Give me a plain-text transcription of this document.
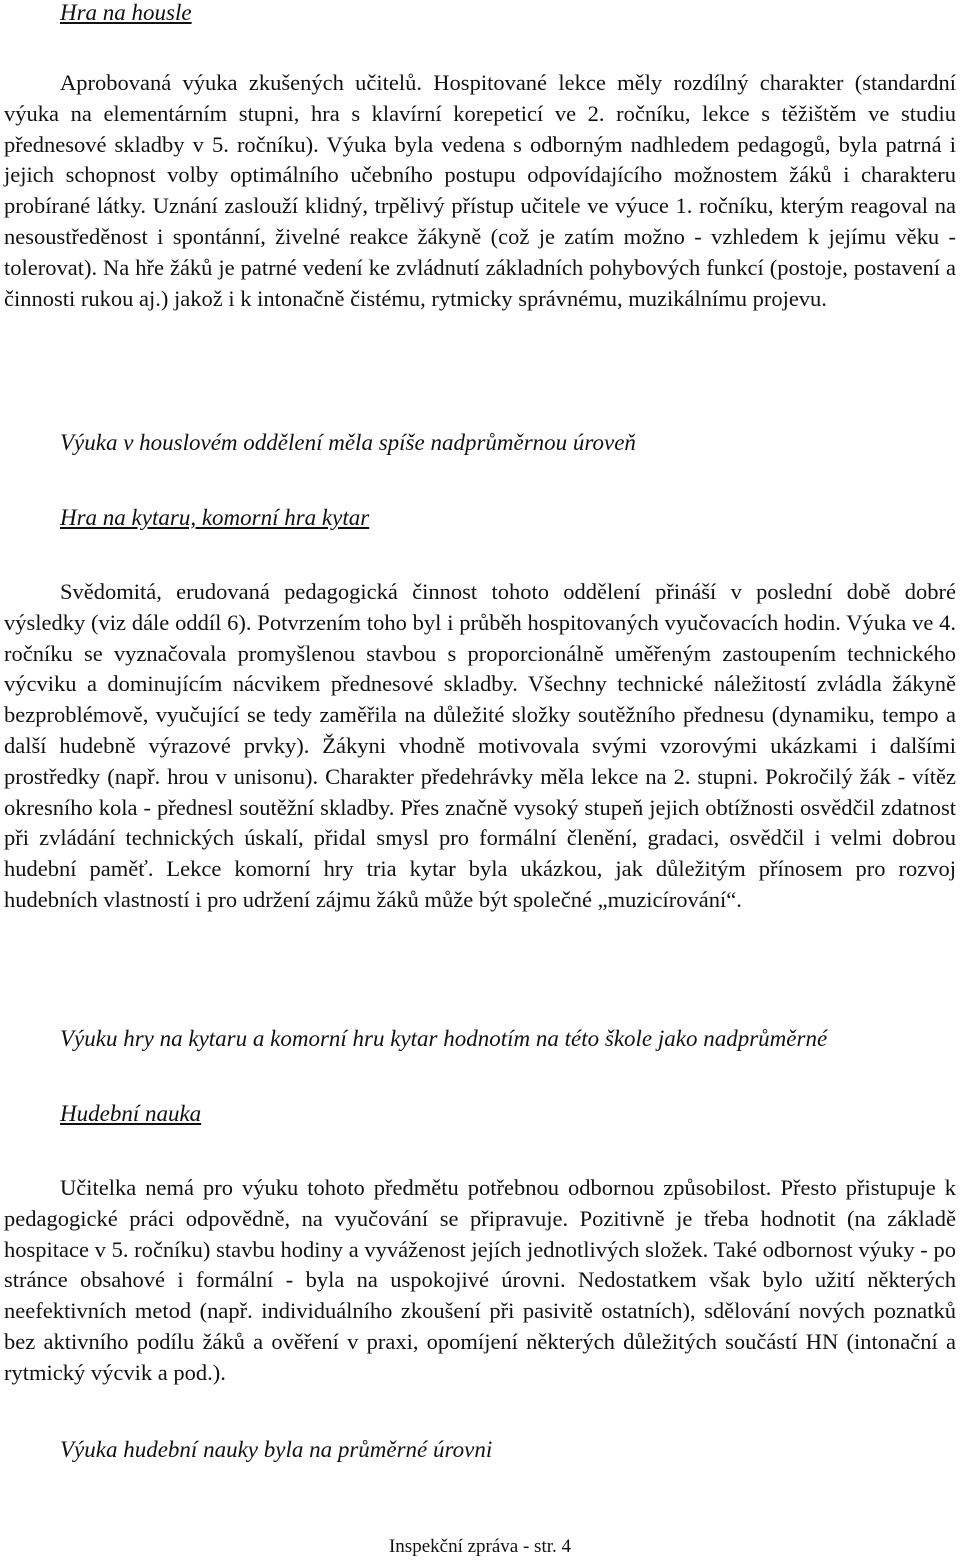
Hra na housle

Aprobovaná výuka zkušených učitelů. Hospitované lekce měly rozdílný charakter (standardní výuka na elementárním stupni, hra s klavírní korepeticí ve 2. ročníku, lekce s těžištěm ve studiu přednesové skladby v 5. ročníku). Výuka byla vedena s odborným nadhledem pedagogů, byla patrná i jejich schopnost volby optimálního učebního postupu odpovídajícího možnostem žáků i charakteru probírané látky. Uznání zaslouží klidný, trpělivý přístup učitele ve výuce 1. ročníku, kterým reagoval na nesoustředěnost i spontánní, živelné reakce žákyně (což je zatím možno - vzhledem k jejímu věku - tolerovat). Na hře žáků je patrné vedení ke zvládnutí základních pohybových funkcí (postoje, postavení a činnosti rukou aj.) jakož i k intonačně čistému, rytmicky správnému, muzikálnímu projevu.

Výuka v houslovém oddělení měla spíše nadprůměrnou úroveň
Hra na kytaru, komorní hra kytar

Svědomitá, erudovaná pedagogická činnost tohoto oddělení přináší v poslední době dobré výsledky (viz dále oddíl 6). Potvrzením toho byl i průběh hospitovaných vyučovacích hodin. Výuka ve 4. ročníku se vyznačovala promyšlenou stavbou s proporcionálně uměřeným zastoupením technického výcviku a dominujícím nácvikem přednesové skladby. Všechny technické náležitostí zvládla žákyně bezproblémově, vyučující se tedy zaměřila na důležité složky soutěžního přednesu (dynamiku, tempo a další hudebně výrazové prvky). Žákyni vhodně motivovala svými vzorovými ukázkami i dalšími prostředky (např. hrou v unisonu). Charakter předehrávky měla lekce na 2. stupni. Pokročilý žák - vítěz okresního kola - přednesl soutěžní skladby. Přes značně vysoký stupeň jejich obtížnosti osvědčil zdatnost při zvládání technických úskalí, přidal smysl pro formální členění, gradaci, osvědčil i velmi dobrou hudební paměť. Lekce komorní hry tria kytar byla ukázkou, jak důležitým přínosem pro rozvoj hudebních vlastností i pro udržení zájmu žáků může být společné „muzicírování“.

Výuku hry na kytaru a komorní hru kytar hodnotím na této škole jako nadprůměrné
Hudební nauka

Učitelka nemá pro výuku tohoto předmětu potřebnou odbornou způsobilost. Přesto přistupuje k pedagogické práci odpovědně, na vyučování se připravuje. Pozitivně je třeba hodnotit (na základě hospitace v 5. ročníku) stavbu hodiny a vyváženost jejích jednotlivých složek. Také odbornost výuky - po stránce obsahové i formální - byla na uspokojivé úrovni. Nedostatkem však bylo užití některých neefektivních metod (např. individuálního zkoušení při pasivitě ostatních), sdělování nových poznatků bez aktivního podílu žáků a ověření v praxi, opomíjení některých důležitých součástí HN (intonační a rytmický výcvik a pod.).

Výuka hudební nauky byla na průměrné úrovni
Inspekční zpráva - str. 4
